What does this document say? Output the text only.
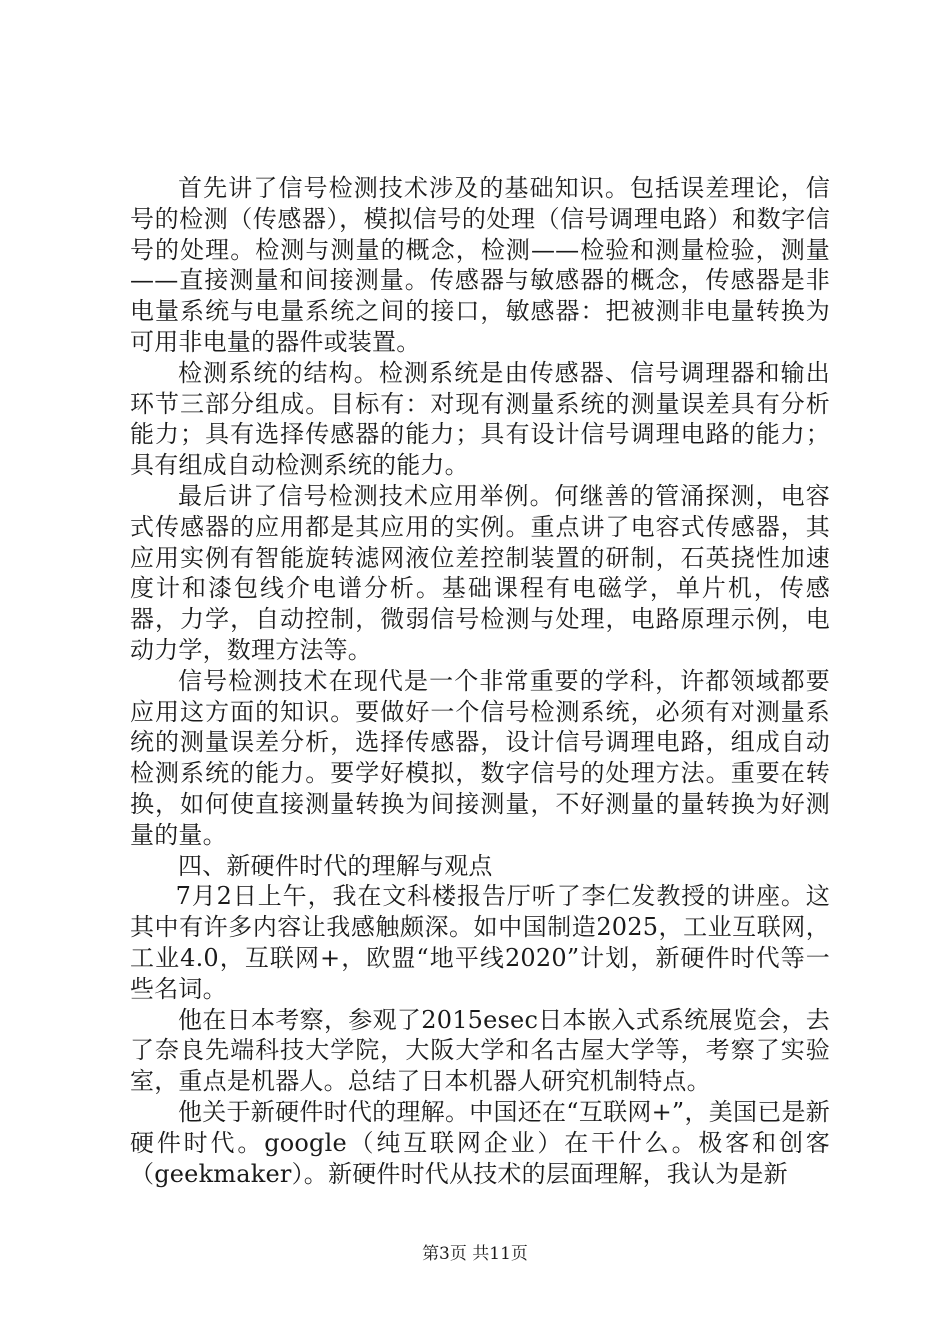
首先讲了信号检测技术涉及的基础知识。包括误差理论，信号的检测（传感器），模拟信号的处理（信号调理电路）和数字信号的处理。检测与测量的概念，检测——检验和测量检验，测量——直接测量和间接测量。传感器与敏感器的概念，传感器是非电量系统与电量系统之间的接口，敏感器：把被测非电量转换为可用非电量的器件或装置。

检测系统的结构。检测系统是由传感器、信号调理器和输出环节三部分组成。目标有：对现有测量系统的测量误差具有分析能力；具有选择传感器的能力；具有设计信号调理电路的能力；具有组成自动检测系统的能力。

最后讲了信号检测技术应用举例。何继善的管涌探测，电容式传感器的应用都是其应用的实例。重点讲了电容式传感器，其应用实例有智能旋转滤网液位差控制装置的研制，石英挠性加速度计和漆包线介电谱分析。基础课程有电磁学，单片机，传感器，力学，自动控制，微弱信号检测与处理，电路原理示例，电动力学，数理方法等。

信号检测技术在现代是一个非常重要的学科，许都领域都要应用这方面的知识。要做好一个信号检测系统，必须有对测量系统的测量误差分析，选择传感器，设计信号调理电路，组成自动检测系统的能力。要学好模拟，数字信号的处理方法。重要在转换，如何使直接测量转换为间接测量，不好测量的量转换为好测量的量。

四、新硬件时代的理解与观点

7月2日上午，我在文科楼报告厅听了李仁发教授的讲座。这其中有许多内容让我感触颇深。如中国制造2025，工业互联网，工业4.0，互联网+，欧盟“地平线2020”计划，新硬件时代等一些名词。

他在日本考察，参观了2015esec日本嵌入式系统展览会，去了奈良先端科技大学院，大阪大学和名古屋大学等，考察了实验室，重点是机器人。总结了日本机器人研究机制特点。

他关于新硬件时代的理解。中国还在“互联网+”，美国已是新硬件时代。google（纯互联网企业）在干什么。极客和创客（geekmaker）。新硬件时代从技术的层面理解，我认为是新

第3页 共11页
